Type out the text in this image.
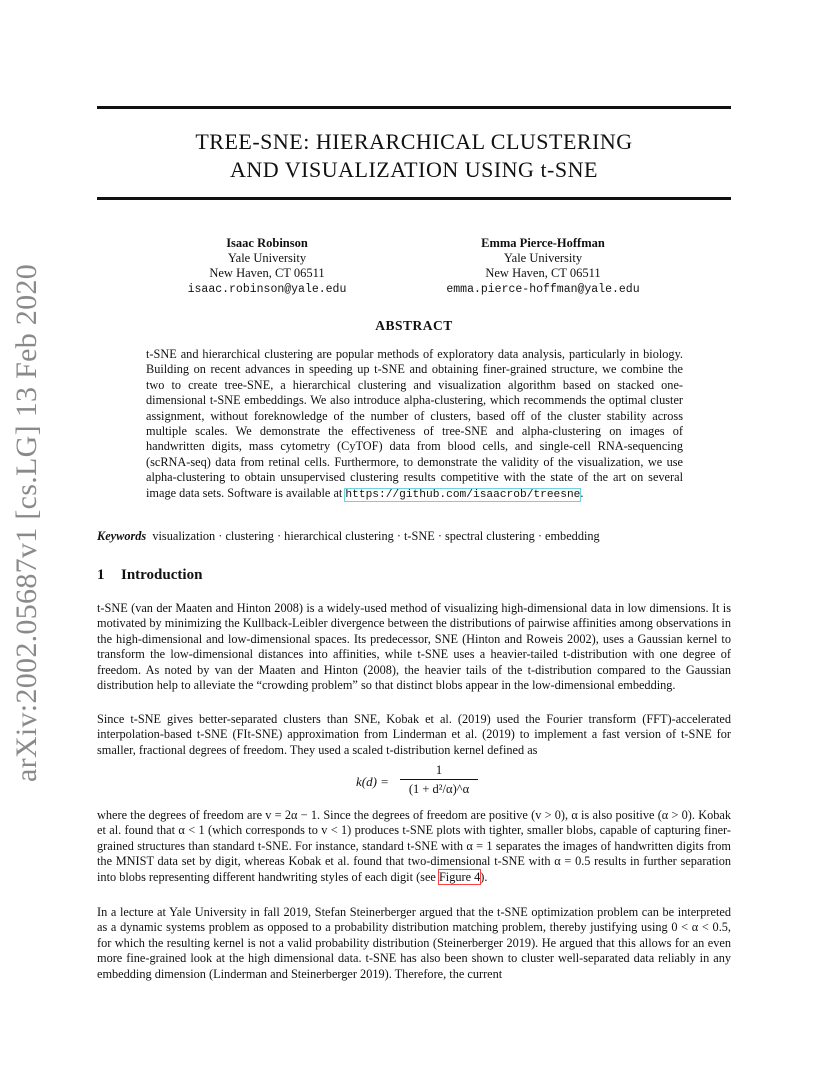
arXiv:2002.05687v1 [cs.LG] 13 Feb 2020
TREE-SNE: HIERARCHICAL CLUSTERING
AND VISUALIZATION USING t-SNE
Isaac Robinson
Yale University
New Haven, CT 06511
isaac.robinson@yale.edu
Emma Pierce-Hoffman
Yale University
New Haven, CT 06511
emma.pierce-hoffman@yale.edu
ABSTRACT
t-SNE and hierarchical clustering are popular methods of exploratory data analysis, particularly in biology. Building on recent advances in speeding up t-SNE and obtaining finer-grained structure, we combine the two to create tree-SNE, a hierarchical clustering and visualization algorithm based on stacked one-dimensional t-SNE embeddings. We also introduce alpha-clustering, which recommends the optimal cluster assignment, without foreknowledge of the number of clusters, based off of the cluster stability across multiple scales. We demonstrate the effectiveness of tree-SNE and alpha-clustering on images of handwritten digits, mass cytometry (CyTOF) data from blood cells, and single-cell RNA-sequencing (scRNA-seq) data from retinal cells. Furthermore, to demonstrate the validity of the visualization, we use alpha-clustering to obtain unsupervised clustering results competitive with the state of the art on several image data sets. Software is available at https://github.com/isaacrob/treesne.
Keywords visualization · clustering · hierarchical clustering · t-SNE · spectral clustering · embedding
1 Introduction
t-SNE (van der Maaten and Hinton 2008) is a widely-used method of visualizing high-dimensional data in low dimensions. It is motivated by minimizing the Kullback-Leibler divergence between the distributions of pairwise affinities among observations in the high-dimensional and low-dimensional spaces. Its predecessor, SNE (Hinton and Roweis 2002), uses a Gaussian kernel to transform the low-dimensional distances into affinities, while t-SNE uses a heavier-tailed t-distribution with one degree of freedom. As noted by van der Maaten and Hinton (2008), the heavier tails of the t-distribution compared to the Gaussian distribution help to alleviate the “crowding problem” so that distinct blobs appear in the low-dimensional embedding.
Since t-SNE gives better-separated clusters than SNE, Kobak et al. (2019) used the Fourier transform (FFT)-accelerated interpolation-based t-SNE (FIt-SNE) approximation from Linderman et al. (2019) to implement a fast version of t-SNE for smaller, fractional degrees of freedom. They used a scaled t-distribution kernel defined as
k(d) =
1
(1 + d²/α)^α
where the degrees of freedom are v = 2α − 1. Since the degrees of freedom are positive (v > 0), α is also positive (α > 0). Kobak et al. found that α < 1 (which corresponds to v < 1) produces t-SNE plots with tighter, smaller blobs, capable of capturing finer-grained structures than standard t-SNE. For instance, standard t-SNE with α = 1 separates the images of handwritten digits from the MNIST data set by digit, whereas Kobak et al. found that two-dimensional t-SNE with α = 0.5 results in further separation into blobs representing different handwriting styles of each digit (see Figure 4).
In a lecture at Yale University in fall 2019, Stefan Steinerberger argued that the t-SNE optimization problem can be interpreted as a dynamic systems problem as opposed to a probability distribution matching problem, thereby justifying using 0 < α < 0.5, for which the resulting kernel is not a valid probability distribution (Steinerberger 2019). He argued that this allows for an even more fine-grained look at the high dimensional data. t-SNE has also been shown to cluster well-separated data reliably in any embedding dimension (Linderman and Steinerberger 2019). Therefore, the current
